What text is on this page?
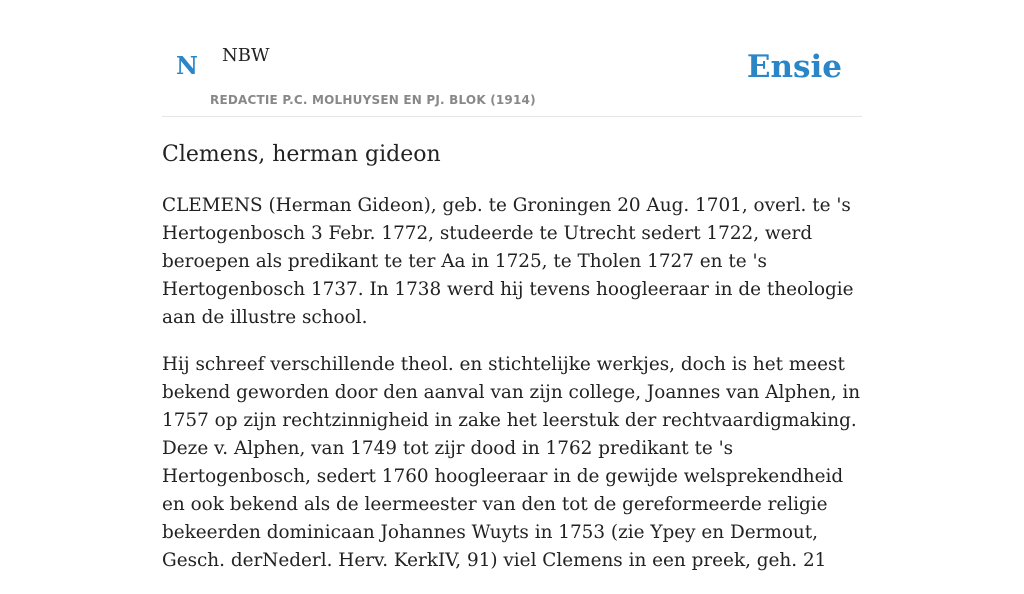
N NBW
REDACTIE P.C. MOLHUYSEN EN PJ. BLOK (1914)
Ensie
Clemens, herman gideon

CLEMENS (Herman Gideon), geb. te Groningen 20 Aug. 1701, overl. te 's Hertogenbosch 3 Febr. 1772, studeerde te Utrecht sedert 1722, werd beroepen als predikant te ter Aa in 1725, te Tholen 1727 en te 's Hertogenbosch 1737. In 1738 werd hij tevens hoogleeraar in de theologie aan de illustre school.

Hij schreef verschillende theol. en stichtelijke werkjes, doch is het meest bekend geworden door den aanval van zijn college, Joannes van Alphen, in 1757 op zijn rechtzinnigheid in zake het leerstuk der rechtvaardigmaking. Deze v. Alphen, van 1749 tot zijr dood in 1762 predikant te 's Hertogenbosch, sedert 1760 hoogleeraar in de gewijde welsprekendheid en ook bekend als de leermeester van den tot de gereformeerde religie bekeerden dominicaan Johannes Wuyts in 1753 (zie Ypey en Dermout, Gesch. derNederl. Herv. KerkIV, 91) viel Clemens in een preek, geh. 21
